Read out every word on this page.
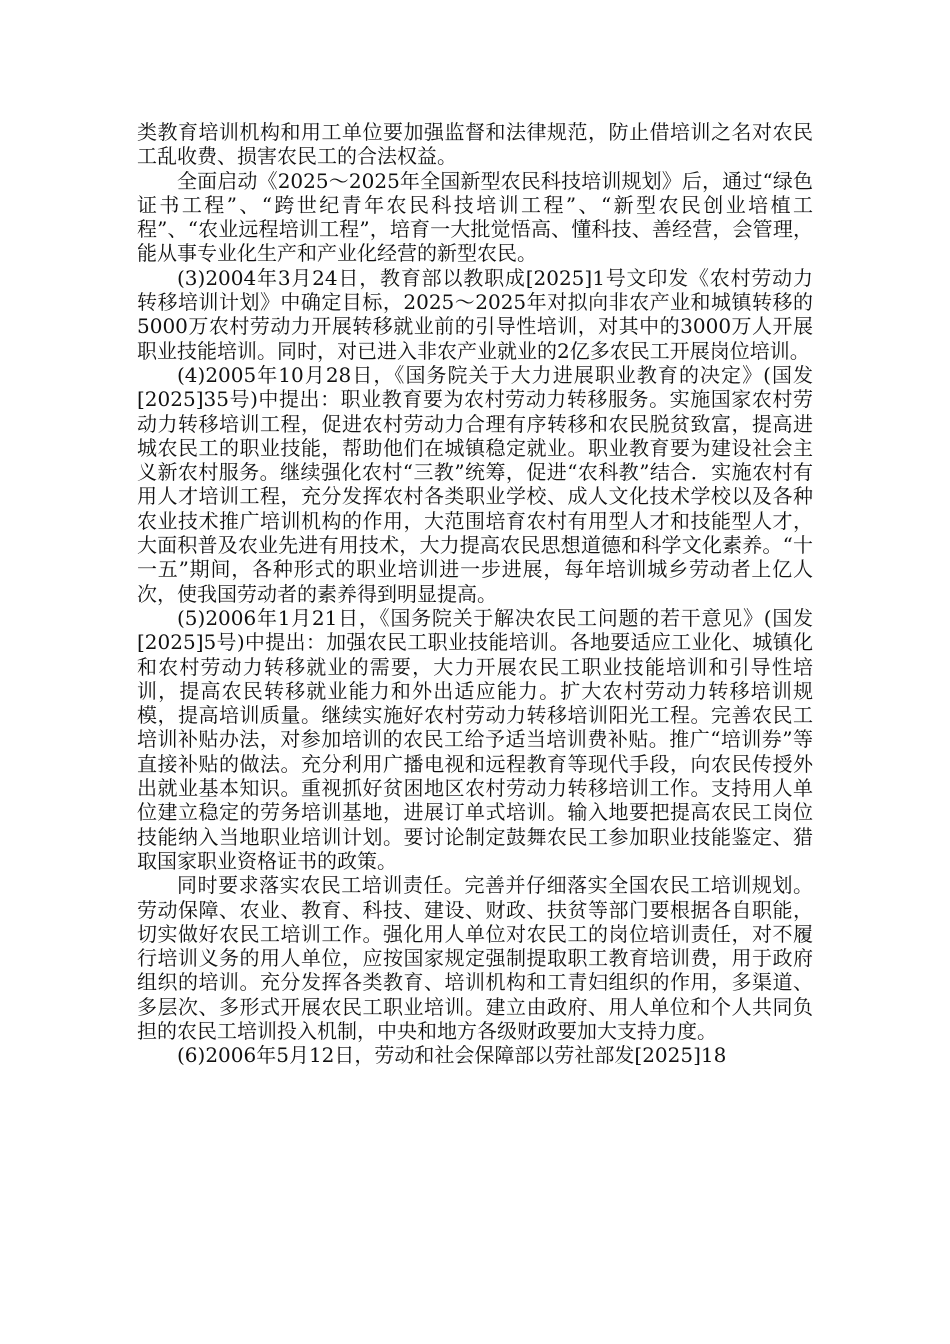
类教育培训机构和用工单位要加强监督和法律规范，防止借培训之名对农民工乱收费、损害农民工的合法权益。

全面启动《2025～2025年全国新型农民科技培训规划》后，通过“绿色证书工程”、“跨世纪青年农民科技培训工程”、“新型农民创业培植工程”、“农业远程培训工程”，培育一大批觉悟高、懂科技、善经营，会管理，能从事专业化生产和产业化经营的新型农民。

(3)2004年3月24日，教育部以教职成[2025]1号文印发《农村劳动力转移培训计划》中确定目标，2025～2025年对拟向非农产业和城镇转移的5000万农村劳动力开展转移就业前的引导性培训，对其中的3000万人开展职业技能培训。同时，对已进入非农产业就业的2亿多农民工开展岗位培训。

(4)2005年10月28日，《国务院关于大力进展职业教育的决定》(国发[2025]35号)中提出：职业教育要为农村劳动力转移服务。实施国家农村劳动力转移培训工程，促进农村劳动力合理有序转移和农民脱贫致富，提高进城农民工的职业技能，帮助他们在城镇稳定就业。职业教育要为建设社会主义新农村服务。继续强化农村“三教”统筹，促进“农科教”结合．实施农村有用人才培训工程，充分发挥农村各类职业学校、成人文化技术学校以及各种农业技术推广培训机构的作用，大范围培育农村有用型人才和技能型人才，大面积普及农业先进有用技术，大力提高农民思想道德和科学文化素养。“十一五”期间，各种形式的职业培训进一步进展，每年培训城乡劳动者上亿人次，使我国劳动者的素养得到明显提高。

(5)2006年1月21日，《国务院关于解决农民工问题的若干意见》(国发[2025]5号)中提出：加强农民工职业技能培训。各地要适应工业化、城镇化和农村劳动力转移就业的需要，大力开展农民工职业技能培训和引导性培训，提高农民转移就业能力和外出适应能力。扩大农村劳动力转移培训规模，提高培训质量。继续实施好农村劳动力转移培训阳光工程。完善农民工培训补贴办法，对参加培训的农民工给予适当培训费补贴。推广“培训券”等直接补贴的做法。充分利用广播电视和远程教育等现代手段，向农民传授外出就业基本知识。重视抓好贫困地区农村劳动力转移培训工作。支持用人单位建立稳定的劳务培训基地，进展订单式培训。输入地要把提高农民工岗位技能纳入当地职业培训计划。要讨论制定鼓舞农民工参加职业技能鉴定、猎取国家职业资格证书的政策。

同时要求落实农民工培训责任。完善并仔细落实全国农民工培训规划。劳动保障、农业、教育、科技、建设、财政、扶贫等部门要根据各自职能，切实做好农民工培训工作。强化用人单位对农民工的岗位培训责任，对不履行培训义务的用人单位，应按国家规定强制提取职工教育培训费，用于政府组织的培训。充分发挥各类教育、培训机构和工青妇组织的作用，多渠道、多层次、多形式开展农民工职业培训。建立由政府、用人单位和个人共同负担的农民工培训投入机制，中央和地方各级财政要加大支持力度。

(6)2006年5月12日，劳动和社会保障部以劳社部发[2025]18
